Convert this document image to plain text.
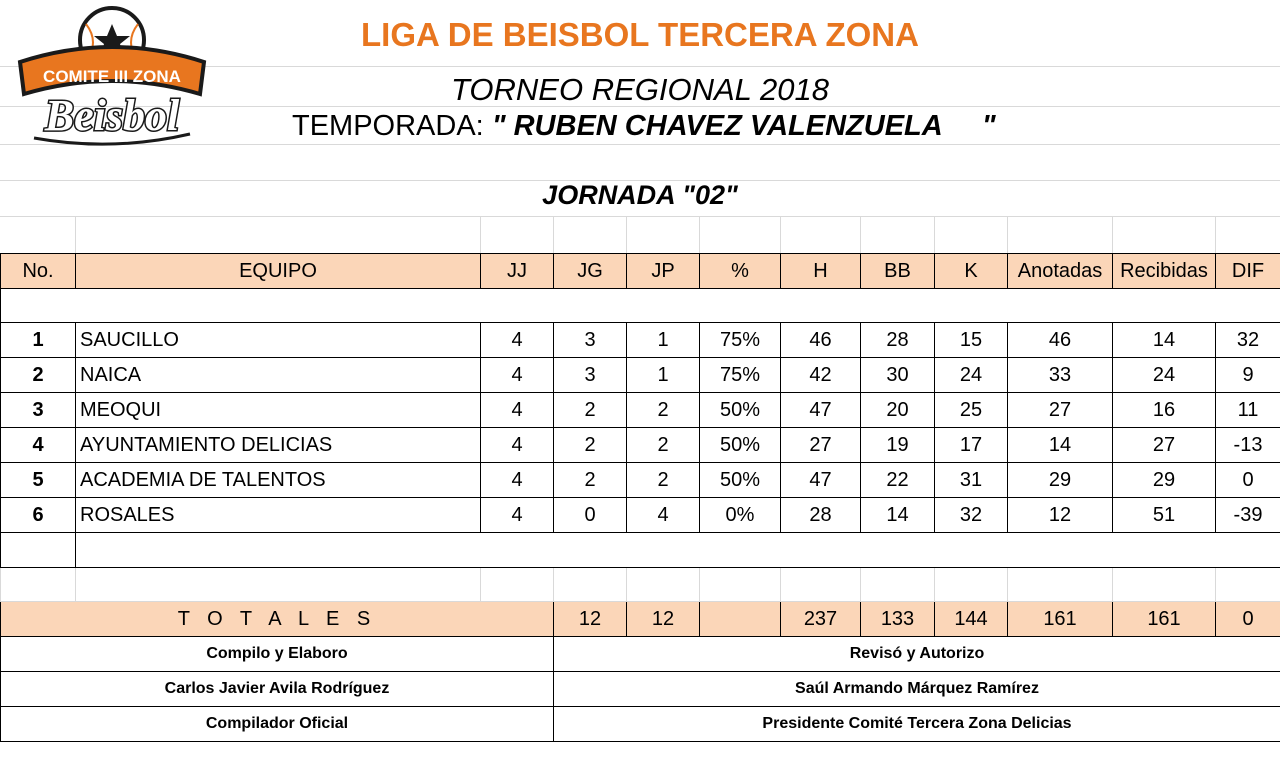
COMITE III ZONA
Beisbol
LIGA DE BEISBOL TERCERA ZONA
TORNEO REGIONAL 2018
TEMPORADA: " RUBEN CHAVEZ VALENZUELA     "
JORNADA "02"
No.	EQUIPO	JJ	JG	JP	%	H	BB	K	Anotadas	Recibidas	DIF

1	SAUCILLO	4	3	1	75%	46	28	15	46	14	32
2	NAICA	4	3	1	75%	42	30	24	33	24	9
3	MEOQUI	4	2	2	50%	47	20	25	27	16	11
4	AYUNTAMIENTO DELICIAS	4	2	2	50%	27	19	17	14	27	-13
5	ACADEMIA DE TALENTOS	4	2	2	50%	47	22	31	29	29	0
6	ROSALES	4	0	4	0%	28	14	32	12	51	-39

T O T A L E S			12	12		237	133	144	161	161	0
Compilo y Elaboro			Revisó y Autorizo								
Carlos Javier Avila Rodríguez			Saúl Armando Márquez Ramírez								
Compilador Oficial			Presidente Comité Tercera Zona Delicias								
